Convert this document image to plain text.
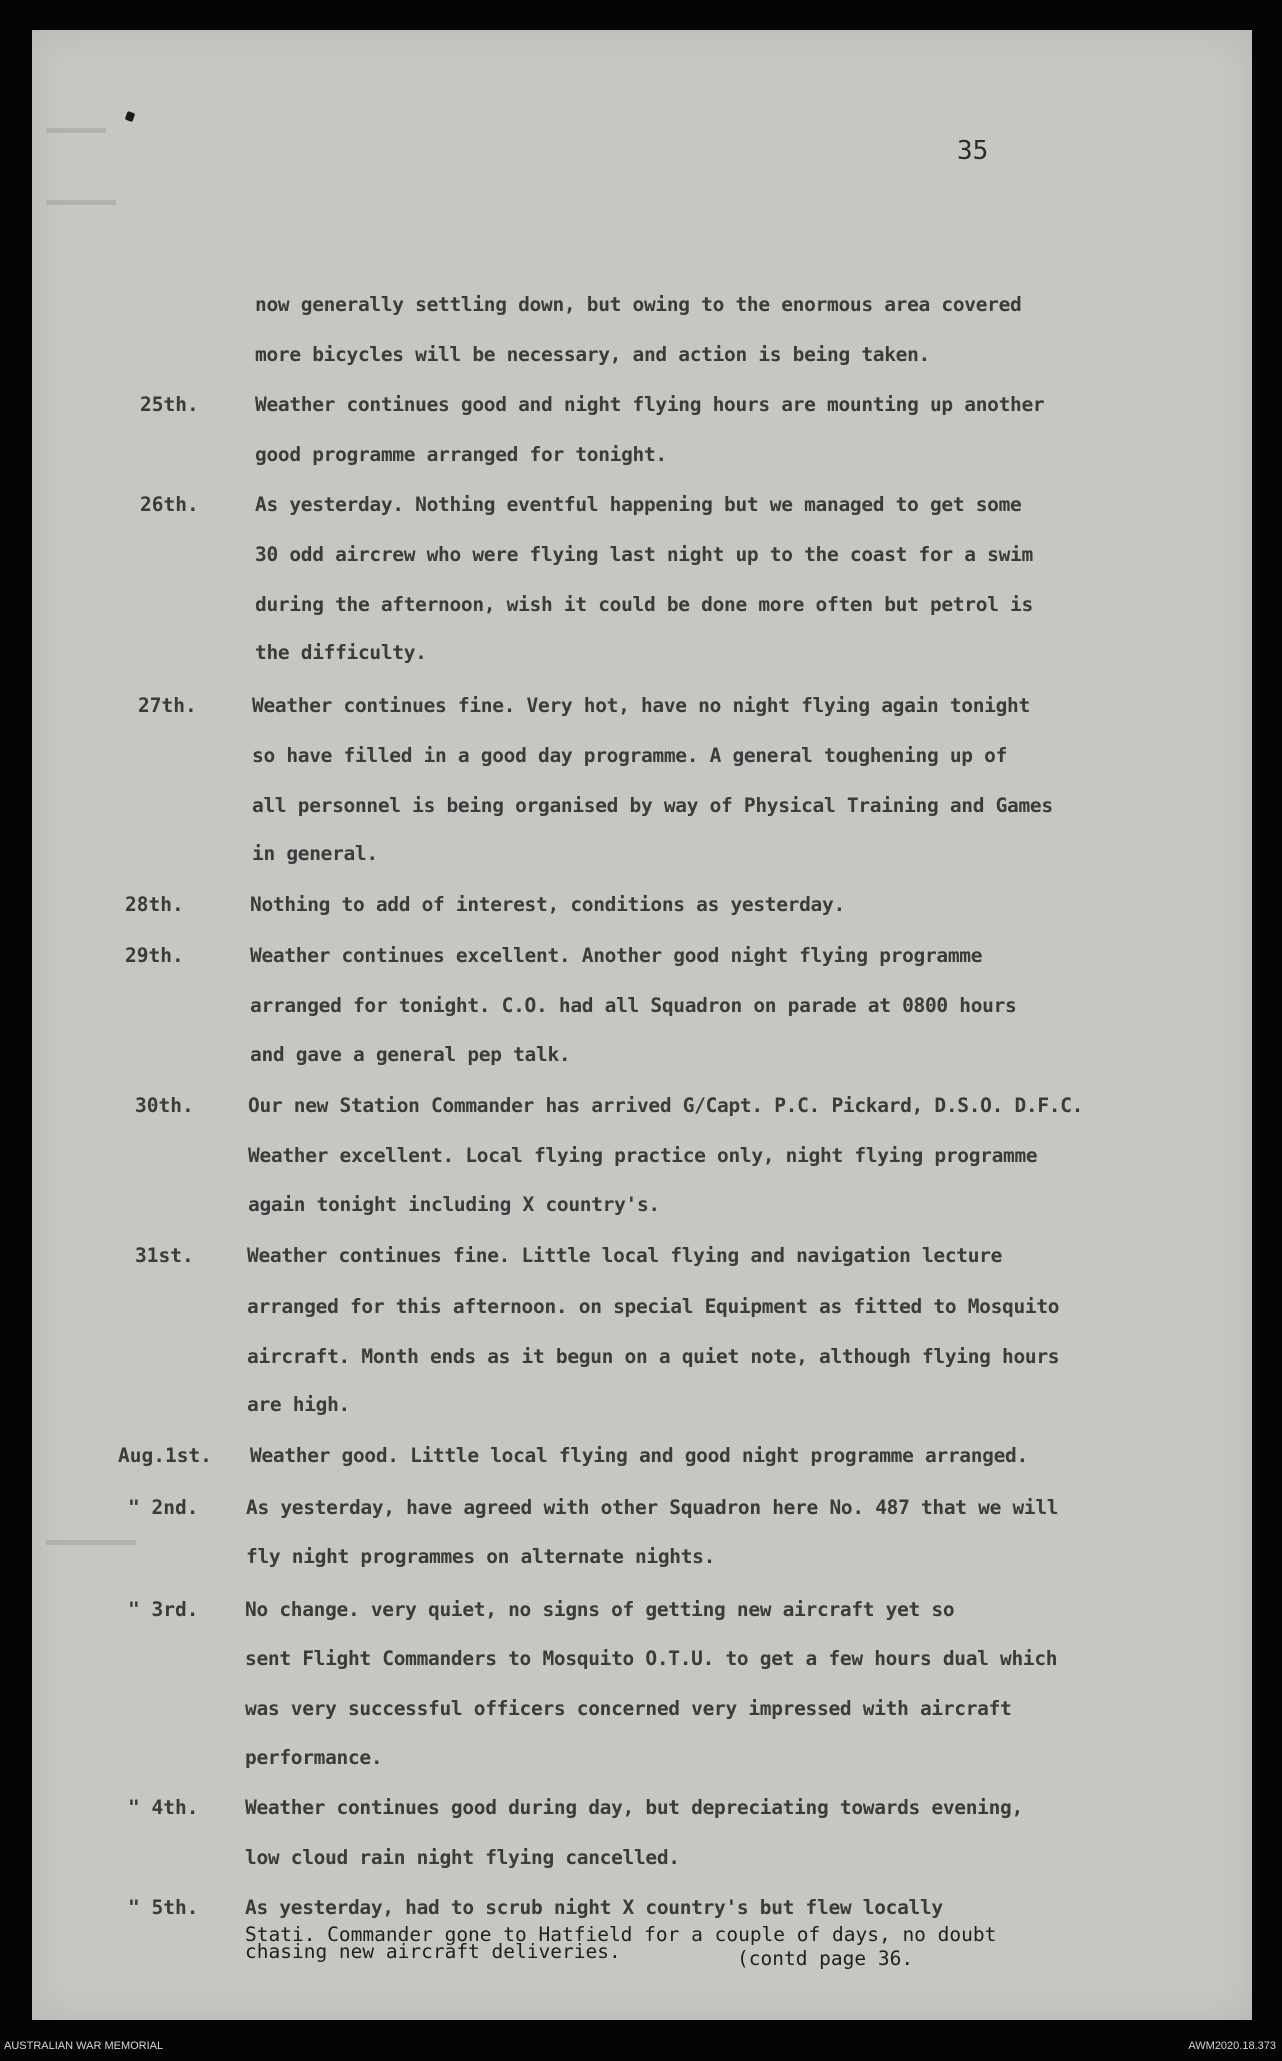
35
now generally settling down, but owing to the enormous area covered
more bicycles will be necessary, and action is being taken.
25th.	Weather continues good and night flying hours are mounting up another
good programme arranged for tonight.
26th.	As yesterday. Nothing eventful happening but we managed to get some
30 odd aircrew who were flying last night up to the coast for a swim
during the afternoon, wish it could be done more often but petrol is
the difficulty.
27th.	Weather continues fine. Very hot, have no night flying again tonight
so have filled in a good day programme. A general toughening up of
all personnel is being organised by way of Physical Training and Games
in general.
28th.	Nothing to add of interest, conditions as yesterday.
29th.	Weather continues excellent. Another good night flying programme
arranged for tonight. C.O. had all Squadron on parade at 0800 hours
and gave a general pep talk.
30th.	Our new Station Commander has arrived G/Capt. P.C. Pickard, D.S.O. D.F.C.
Weather excellent. Local flying practice only, night flying programme
again tonight including X country's.
31st.	Weather continues fine. Little local flying and navigation lecture
arranged for this afternoon. on special Equipment as fitted to Mosquito
aircraft. Month ends as it begun on a quiet note, although flying hours
are high.
Aug.1st. Weather good. Little local flying and good night programme arranged.
" 2nd. As yesterday, have agreed with other Squadron here No. 487 that we will
fly night programmes on alternate nights.
" 3rd. No change. very quiet, no signs of getting new aircraft yet so
sent Flight Commanders to Mosquito O.T.U. to get a few hours dual which
was very successful officers concerned very impressed with aircraft
performance.
" 4th. Weather continues good during day, but depreciating towards evening,
low cloud rain night flying cancelled.
" 5th. As yesterday, had to scrub night X country's but flew locally
Stati. Commander gone to Hatfield for a couple of days, no doubt
chasing new aircraft deliveries.	(contd page 36.
AUSTRALIAN WAR MEMORIAL	AWM2020.18.373
